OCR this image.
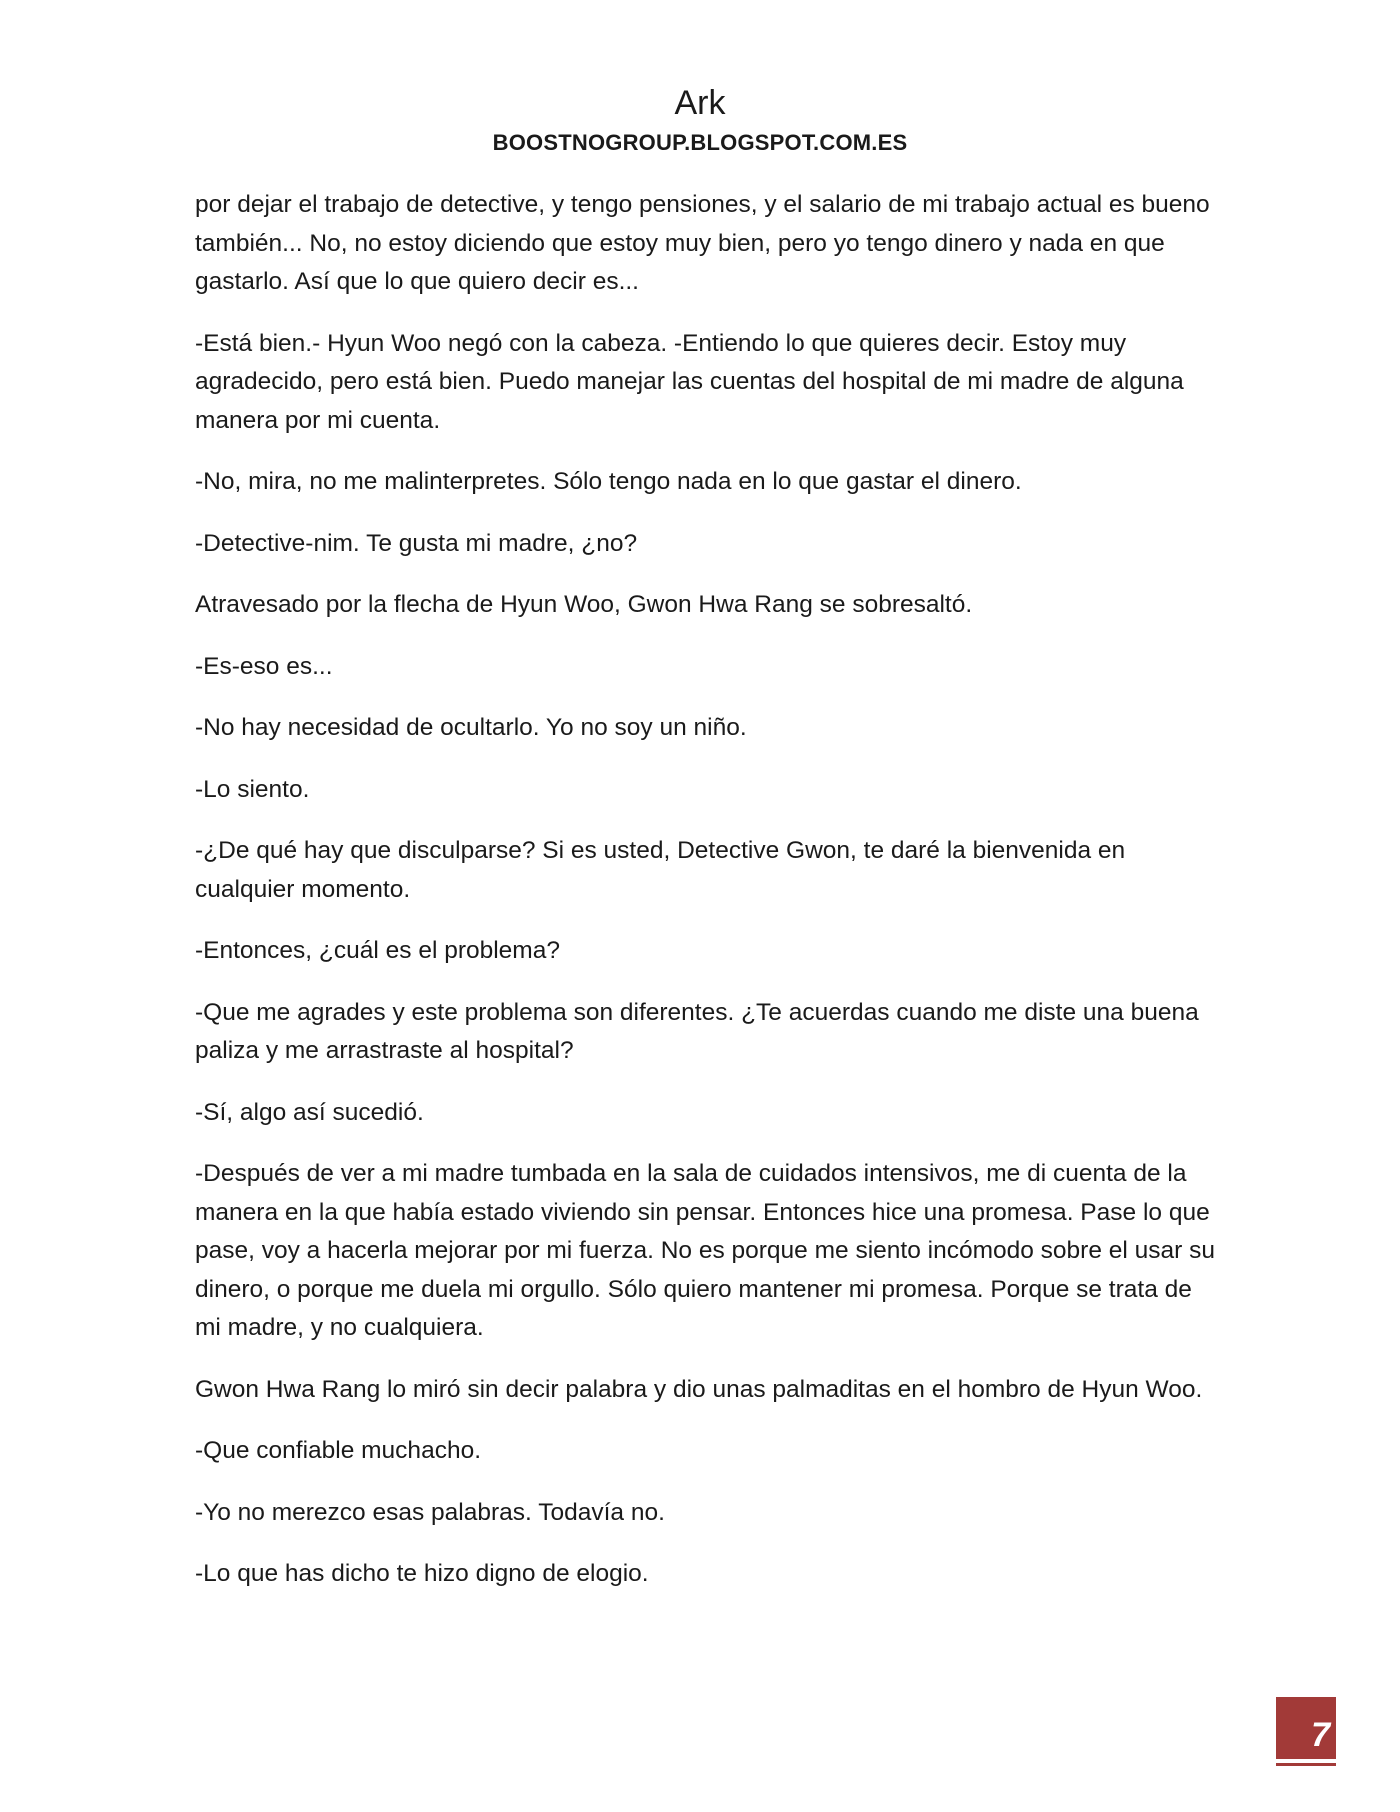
Ark
BOOSTNOGROUP.BLOGSPOT.COM.ES

por dejar el trabajo de detective, y tengo pensiones, y el salario de mi trabajo actual es bueno también... No, no estoy diciendo que estoy muy bien, pero yo tengo dinero y nada en que gastarlo. Así que lo que quiero decir es...

-Está bien.- Hyun Woo negó con la cabeza. -Entiendo lo que quieres decir. Estoy muy agradecido, pero está bien. Puedo manejar las cuentas del hospital de mi madre de alguna manera por mi cuenta.

-No, mira, no me malinterpretes. Sólo tengo nada en lo que gastar el dinero.

-Detective-nim. Te gusta mi madre, ¿no?

Atravesado por la flecha de Hyun Woo, Gwon Hwa Rang se sobresaltó.

-Es-eso es...

-No hay necesidad de ocultarlo. Yo no soy un niño.

-Lo siento.

-¿De qué hay que disculparse? Si es usted, Detective Gwon, te daré la bienvenida en cualquier momento.

-Entonces, ¿cuál es el problema?

-Que me agrades y este problema son diferentes. ¿Te acuerdas cuando me diste una buena paliza y me arrastraste al hospital?

-Sí, algo así sucedió.

-Después de ver a mi madre tumbada en la sala de cuidados intensivos, me di cuenta de la manera en la que había estado viviendo sin pensar. Entonces hice una promesa. Pase lo que pase, voy a hacerla mejorar por mi fuerza. No es porque me siento incómodo sobre el usar su dinero, o porque me duela mi orgullo. Sólo quiero mantener mi promesa. Porque se trata de mi madre, y no cualquiera.

Gwon Hwa Rang lo miró sin decir palabra y dio unas palmaditas en el hombro de Hyun Woo.

-Que confiable muchacho.

-Yo no merezco esas palabras. Todavía no.

-Lo que has dicho te hizo digno de elogio.

7
